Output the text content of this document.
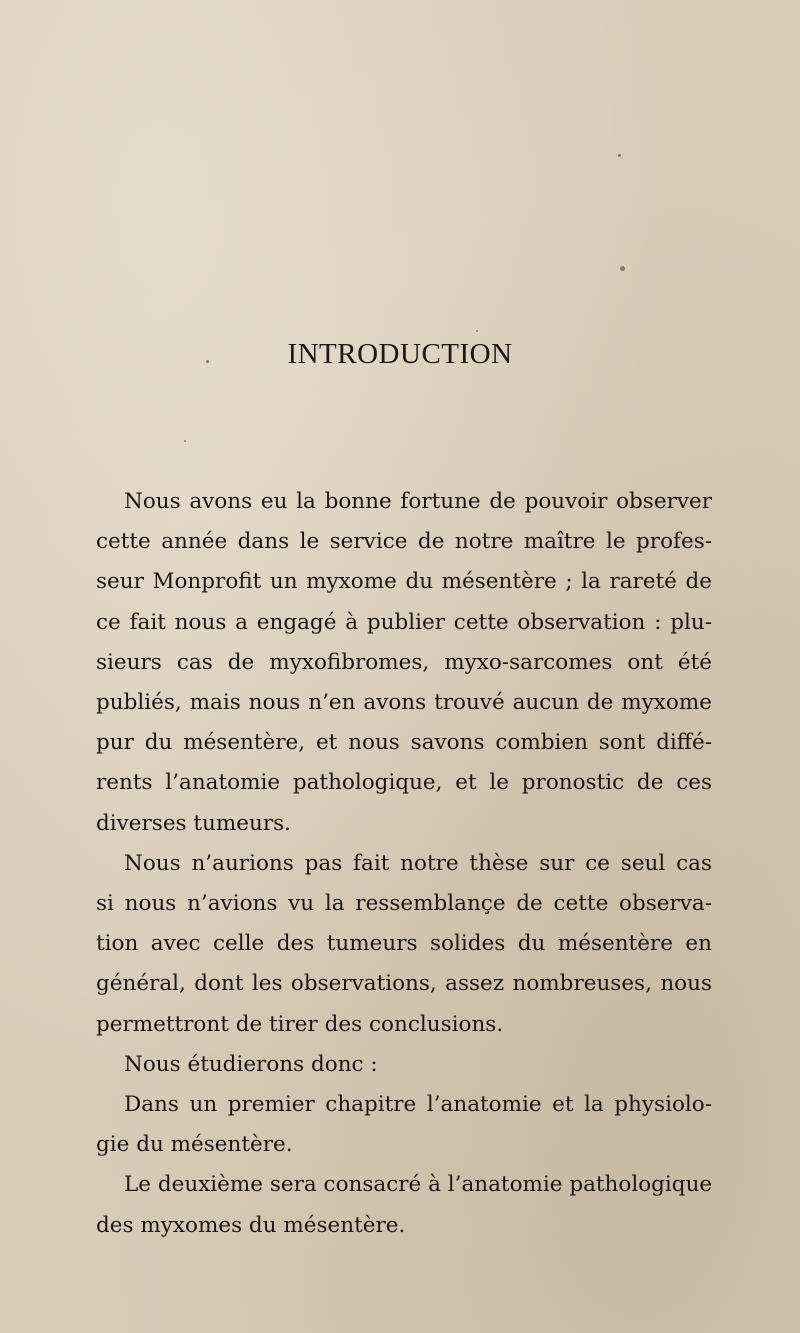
INTRODUCTION

Nous avons eu la bonne fortune de pouvoir observer
cette année dans le service de notre maître le profes-
seur Monprofit un myxome du mésentère ; la rareté de
ce fait nous a engagé à publier cette observation : plu-
sieurs cas de myxofibromes, myxo-sarcomes ont été
publiés, mais nous n’en avons trouvé aucun de myxome
pur du mésentère, et nous savons combien sont diffé-
rents l’anatomie pathologique, et le pronostic de ces
diverses tumeurs.

Nous n’aurions pas fait notre thèse sur ce seul cas
si nous n’avions vu la ressemblançe de cette observa-
tion avec celle des tumeurs solides du mésentère en
général, dont les observations, assez nombreuses, nous
permettront de tirer des conclusions.

Nous étudierons donc :

Dans un premier chapitre l’anatomie et la physiolo-
gie du mésentère.

Le deuxième sera consacré à l’anatomie pathologique
des myxomes du mésentère.
